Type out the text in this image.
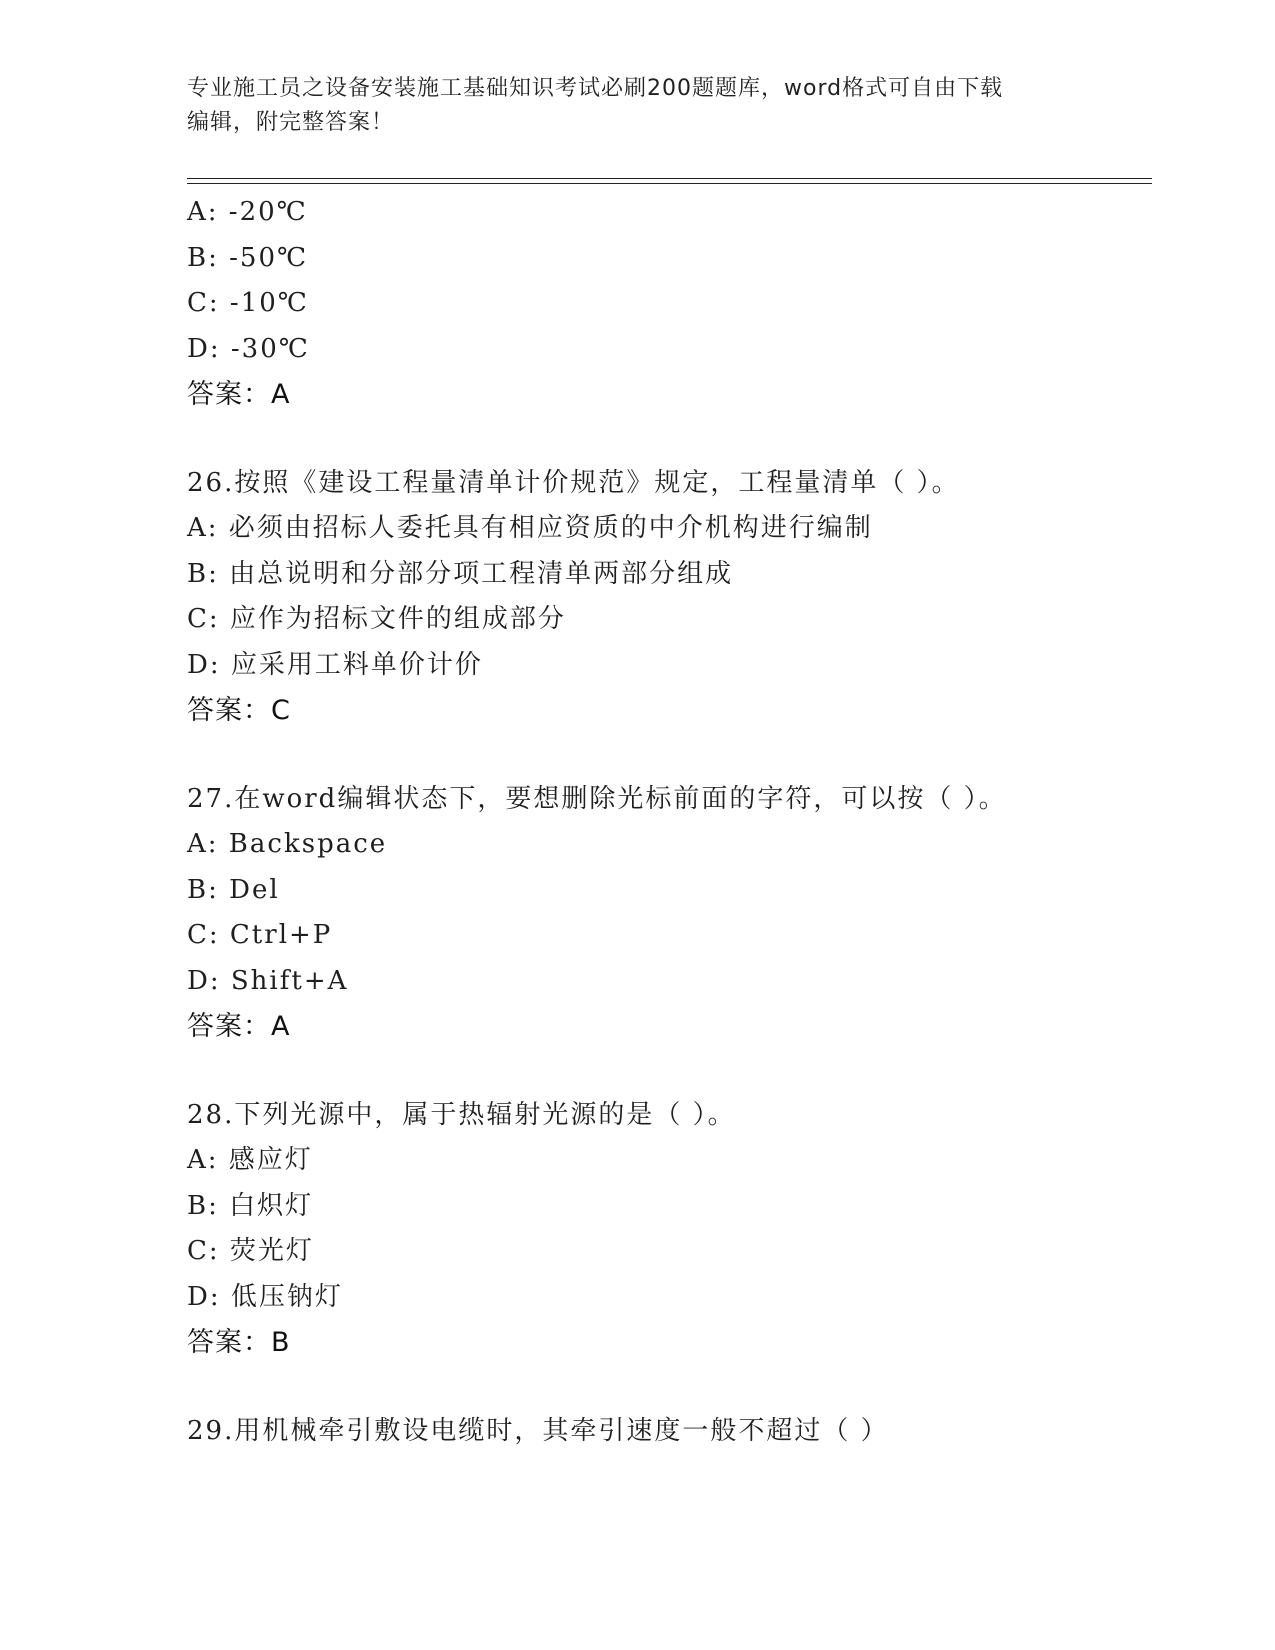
专业施工员之设备安装施工基础知识考试必刷200题题库，word格式可自由下载
编辑，附完整答案！
A: -20℃
B: -50℃
C: -10℃
D: -30℃
答案：A
26.按照《建设工程量清单计价规范》规定，工程量清单（ ）。
A: 必须由招标人委托具有相应资质的中介机构进行编制
B: 由总说明和分部分项工程清单两部分组成
C: 应作为招标文件的组成部分
D: 应采用工料单价计价
答案：C
27.在word编辑状态下，要想删除光标前面的字符，可以按（ ）。
A: Backspace
B: Del
C: Ctrl+P
D: Shift+A
答案：A
28.下列光源中，属于热辐射光源的是（ ）。
A: 感应灯
B: 白炽灯
C: 荧光灯
D: 低压钠灯
答案：B
29.用机械牵引敷设电缆时，其牵引速度一般不超过（ ）
